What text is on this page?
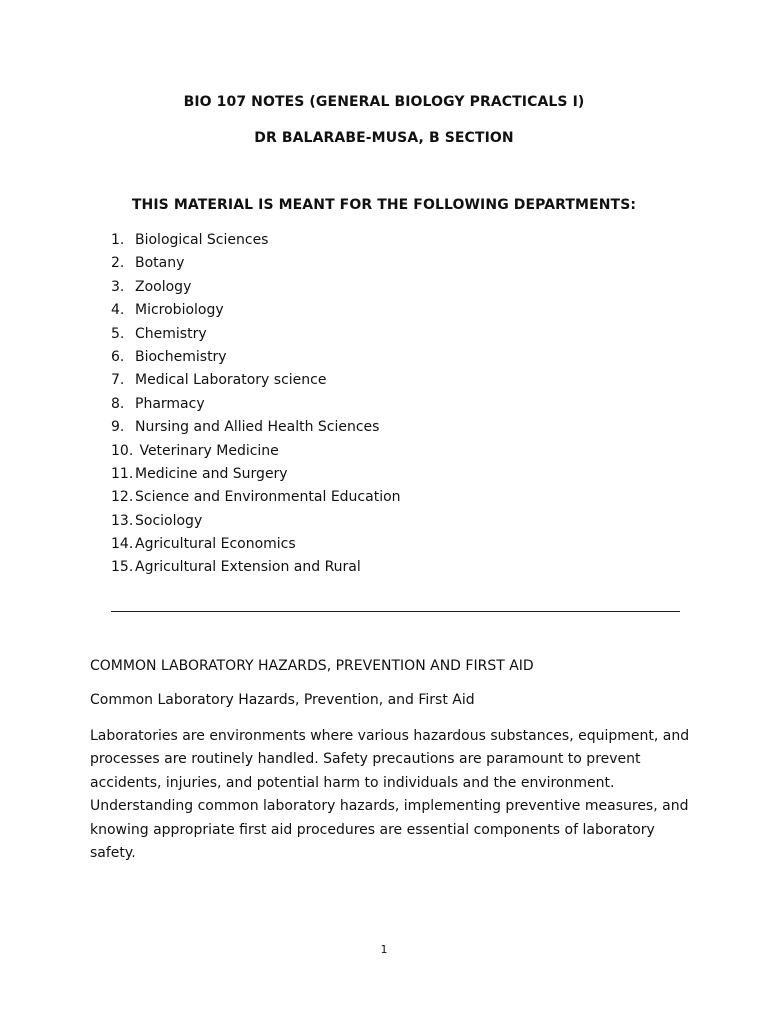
BIO 107 NOTES (GENERAL BIOLOGY PRACTICALS I)
DR BALARABE-MUSA, B SECTION
THIS MATERIAL IS MEANT FOR THE FOLLOWING DEPARTMENTS:
1. Biological Sciences
2. Botany
3. Zoology
4. Microbiology
5. Chemistry
6. Biochemistry
7. Medical Laboratory science
8. Pharmacy
9. Nursing and Allied Health Sciences
10. Veterinary Medicine
11. Medicine and Surgery
12. Science and Environmental Education
13. Sociology
14. Agricultural Economics
15. Agricultural Extension and Rural
COMMON LABORATORY HAZARDS, PREVENTION AND FIRST AID
Common Laboratory Hazards, Prevention, and First Aid
Laboratories are environments where various hazardous substances, equipment, and
processes are routinely handled. Safety precautions are paramount to prevent
accidents, injuries, and potential harm to individuals and the environment.
Understanding common laboratory hazards, implementing preventive measures, and
knowing appropriate first aid procedures are essential components of laboratory
safety.
1
